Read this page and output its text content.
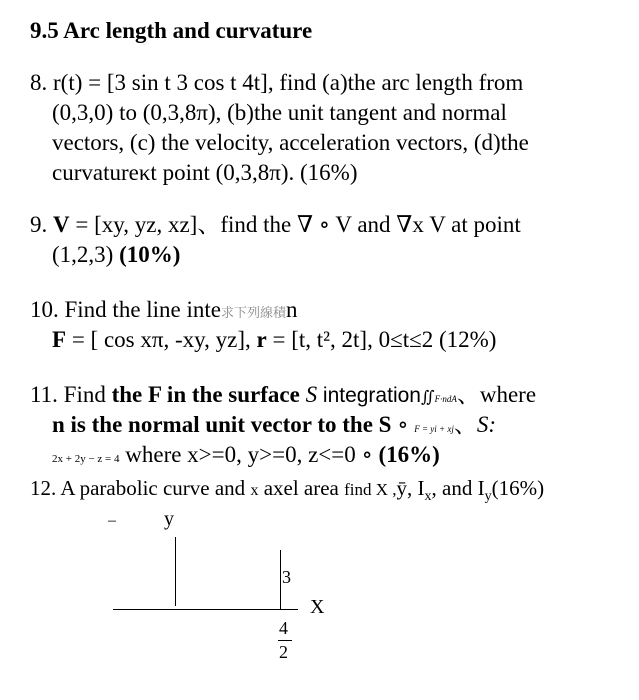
9.5 Arc length and curvature
8. r(t) = [3 sin t 3 cos t 4t], find (a)the arc length from
(0,3,0) to (0,3,8π), (b)the unit tangent and normal
vectors, (c) the velocity, acceleration vectors, (d)the
curvatureκt point (0,3,8π). (16%)
9. V = [xy, yz, xz]、find the ∇ ∘ V and ∇x V at point
(1,2,3) (10%)
10. Find the line inte求下列線積n
F = [ cos xπ, -xy, yz], r = [t, t², 2t], 0≤t≤2 (12%)
11. Find the F in the surface S integration∬F·ndA、where
n is the normal unit vector to the S ∘ F = yi + xj、S:
2x + 2y − z = 4 where x>=0, y>=0, z<=0 ∘ (16%)
12. A parabolic curve and x axel area find X ,ȳ, $I_x$, and $I_y(16\%)$
– y
3
X
4
2
